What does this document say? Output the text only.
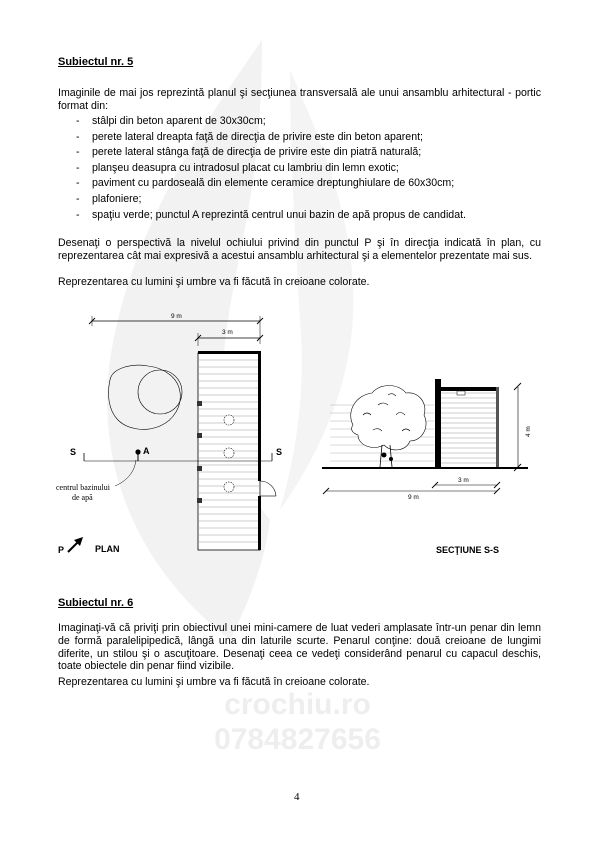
crochiu.ro
0784827656
Subiectul nr. 5
Imaginile de mai jos reprezintă planul şi secţiunea transversală ale unui ansamblu arhitectural - portic format din:
- stâlpi din beton aparent de 30x30cm;
- perete lateral dreapta faţă de direcţia de privire este din beton aparent;
- perete lateral stânga faţă de direcţia de privire este din piatră naturală;
- planşeu deasupra cu intradosul placat cu lambriu din lemn exotic;
- paviment cu pardoseală din elemente ceramice dreptunghiulare de 60x30cm;
- plafoniere;
- spaţiu verde; punctul A reprezintă centrul unui bazin de apă propus de candidat.
Desenaţi o perspectivă la nivelul ochiului privind din punctul P şi în direcţia indicată în plan, cu reprezentarea cât mai expresivă a acestui ansamblu arhitectural şi a elementelor prezentate mai sus.
Reprezentarea cu lumini şi umbre va fi făcută în creioane colorate.
S	S
A
centrul bazinului
de apă
9 m
3 m
P	PLAN
4 m
3 m
9 m
SECŢIUNE S-S
Subiectul nr. 6
Imaginaţi-vă că priviţi prin obiectivul unei mini-camere de luat vederi amplasate într-un penar din lemn de formă paralelipipedică, lângă una din laturile scurte. Penarul conţine: două creioane de lungimi diferite, un stilou şi o ascuţitoare. Desenaţi ceea ce vedeţi considerând penarul cu capacul deschis, toate obiectele din penar fiind vizibile.
Reprezentarea cu lumini şi umbre va fi făcută în creioane colorate.
4
